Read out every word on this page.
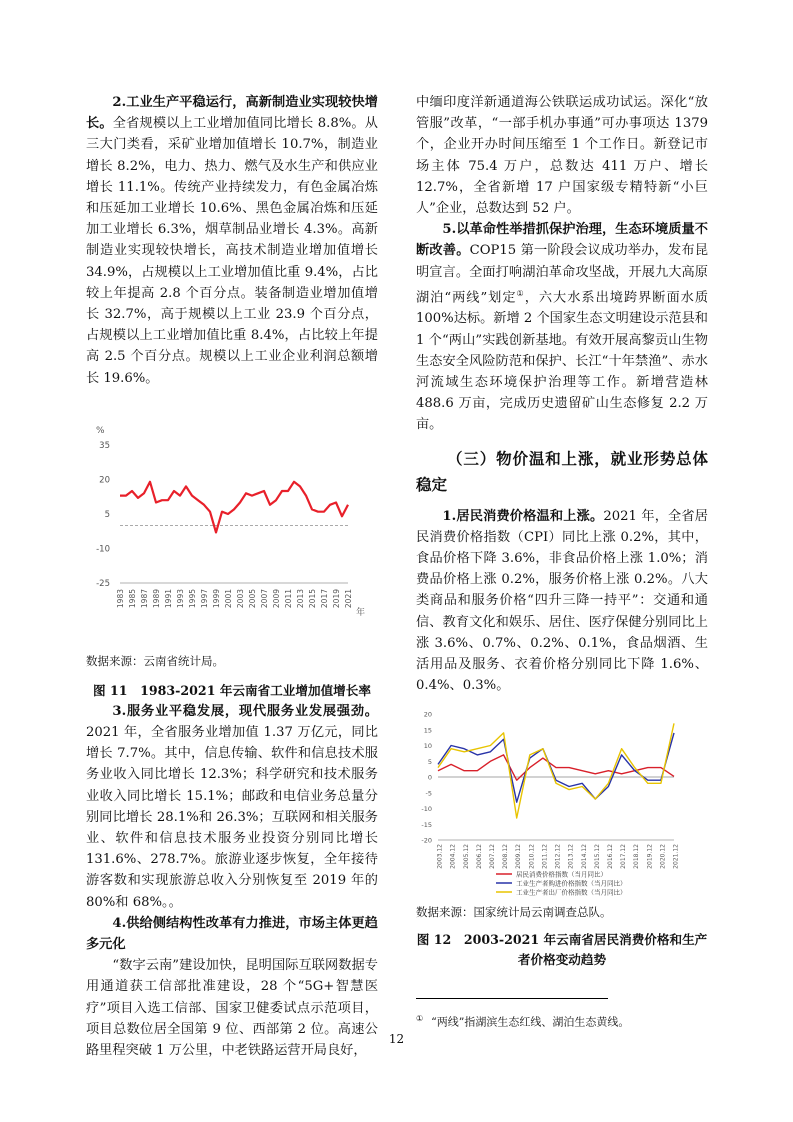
2.工业生产平稳运行，高新制造业实现较快增长。全省规模以上工业增加值同比增长 8.8%。从三大门类看，采矿业增加值增长 10.7%，制造业增长 8.2%，电力、热力、燃气及水生产和供应业增长 11.1%。传统产业持续发力，有色金属冶炼和压延加工业增长 10.6%、黑色金属冶炼和压延加工业增长 6.3%，烟草制品业增长 4.3%。高新制造业实现较快增长，高技术制造业增加值增长 34.9%，占规模以上工业增加值比重 9.4%，占比较上年提高 2.8 个百分点。装备制造业增加值增长 32.7%，高于规模以上工业 23.9 个百分点，占规模以上工业增加值比重 8.4%，占比较上年提高 2.5 个百分点。规模以上工业企业利润总额增长 19.6%。

%
35
20
5
-10
-25
1983 1985 1987 1989 1991 1993 1995 1997 1999 2001 2003 2005 2007 2009 2011 2013 2015 2017 2019 2021
年

数据来源：云南省统计局。

图 11　1983-2021 年云南省工业增加值增长率

3.服务业平稳发展，现代服务业发展强劲。2021 年，全省服务业增加值 1.37 万亿元，同比增长 7.7%。其中，信息传输、软件和信息技术服务业收入同比增长 12.3%；科学研究和技术服务业收入同比增长 15.1%；邮政和电信业务总量分别同比增长 28.1%和 26.3%；互联网和相关服务业、软件和信息技术服务业投资分别同比增长 131.6%、278.7%。旅游业逐步恢复，全年接待游客数和实现旅游总收入分别恢复至 2019 年的 80%和 68%。。

4.供给侧结构性改革有力推进，市场主体更趋多元化

“数字云南”建设加快，昆明国际互联网数据专用通道获工信部批准建设，28 个“5G+智慧医疗”项目入选工信部、国家卫健委试点示范项目，项目总数位居全国第 9 位、西部第 2 位。高速公路里程突破 1 万公里，中老铁路运营开局良好，

中缅印度洋新通道海公铁联运成功试运。深化“放管服”改革，“一部手机办事通”可办事项达 1379 个，企业开办时间压缩至 1 个工作日。新登记市场主体 75.4 万户，总数达 411 万户、增长 12.7%，全省新增 17 户国家级专精特新“小巨人”企业，总数达到 52 户。

5.以革命性举措抓保护治理，生态环境质量不断改善。COP15 第一阶段会议成功举办，发布昆明宣言。全面打响湖泊革命攻坚战，开展九大高原湖泊“两线”划定①，六大水系出境跨界断面水质 100%达标。新增 2 个国家生态文明建设示范县和 1 个“两山”实践创新基地。有效开展高黎贡山生物生态安全风险防范和保护、长江“十年禁渔”、赤水河流域生态环境保护治理等工作。新增营造林 488.6 万亩，完成历史遗留矿山生态修复 2.2 万亩。

（三）物价温和上涨，就业形势总体稳定

1.居民消费价格温和上涨。2021 年，全省居民消费价格指数（CPI）同比上涨 0.2%，其中，食品价格下降 3.6%，非食品价格上涨 1.0%；消费品价格上涨 0.2%，服务价格上涨 0.2%。八大类商品和服务价格“四升三降一持平”：交通和通信、教育文化和娱乐、居住、医疗保健分别同比上涨 3.6%、0.7%、0.2%、0.1%，食品烟酒、生活用品及服务、衣着价格分别同比下降 1.6%、0.4%、0.3%。

20
15
10
5
0
-5
-10
-15
-20
2003.12 2004.12 2005.12 2006.12 2007.12 2008.12 2009.12 2010.12 2011.12 2012.12 2013.12 2014.12 2015.12 2016.12 2017.12 2018.12 2019.12 2020.12 2021.12
居民消费价格指数（当月同比）
工业生产者购进价格指数（当月同比）
工业生产者出厂价格指数（当月同比）

数据来源：国家统计局云南调查总队。

图 12　2003-2021 年云南省居民消费价格和生产者价格变动趋势

① “两线”指湖滨生态红线、湖泊生态黄线。
12
